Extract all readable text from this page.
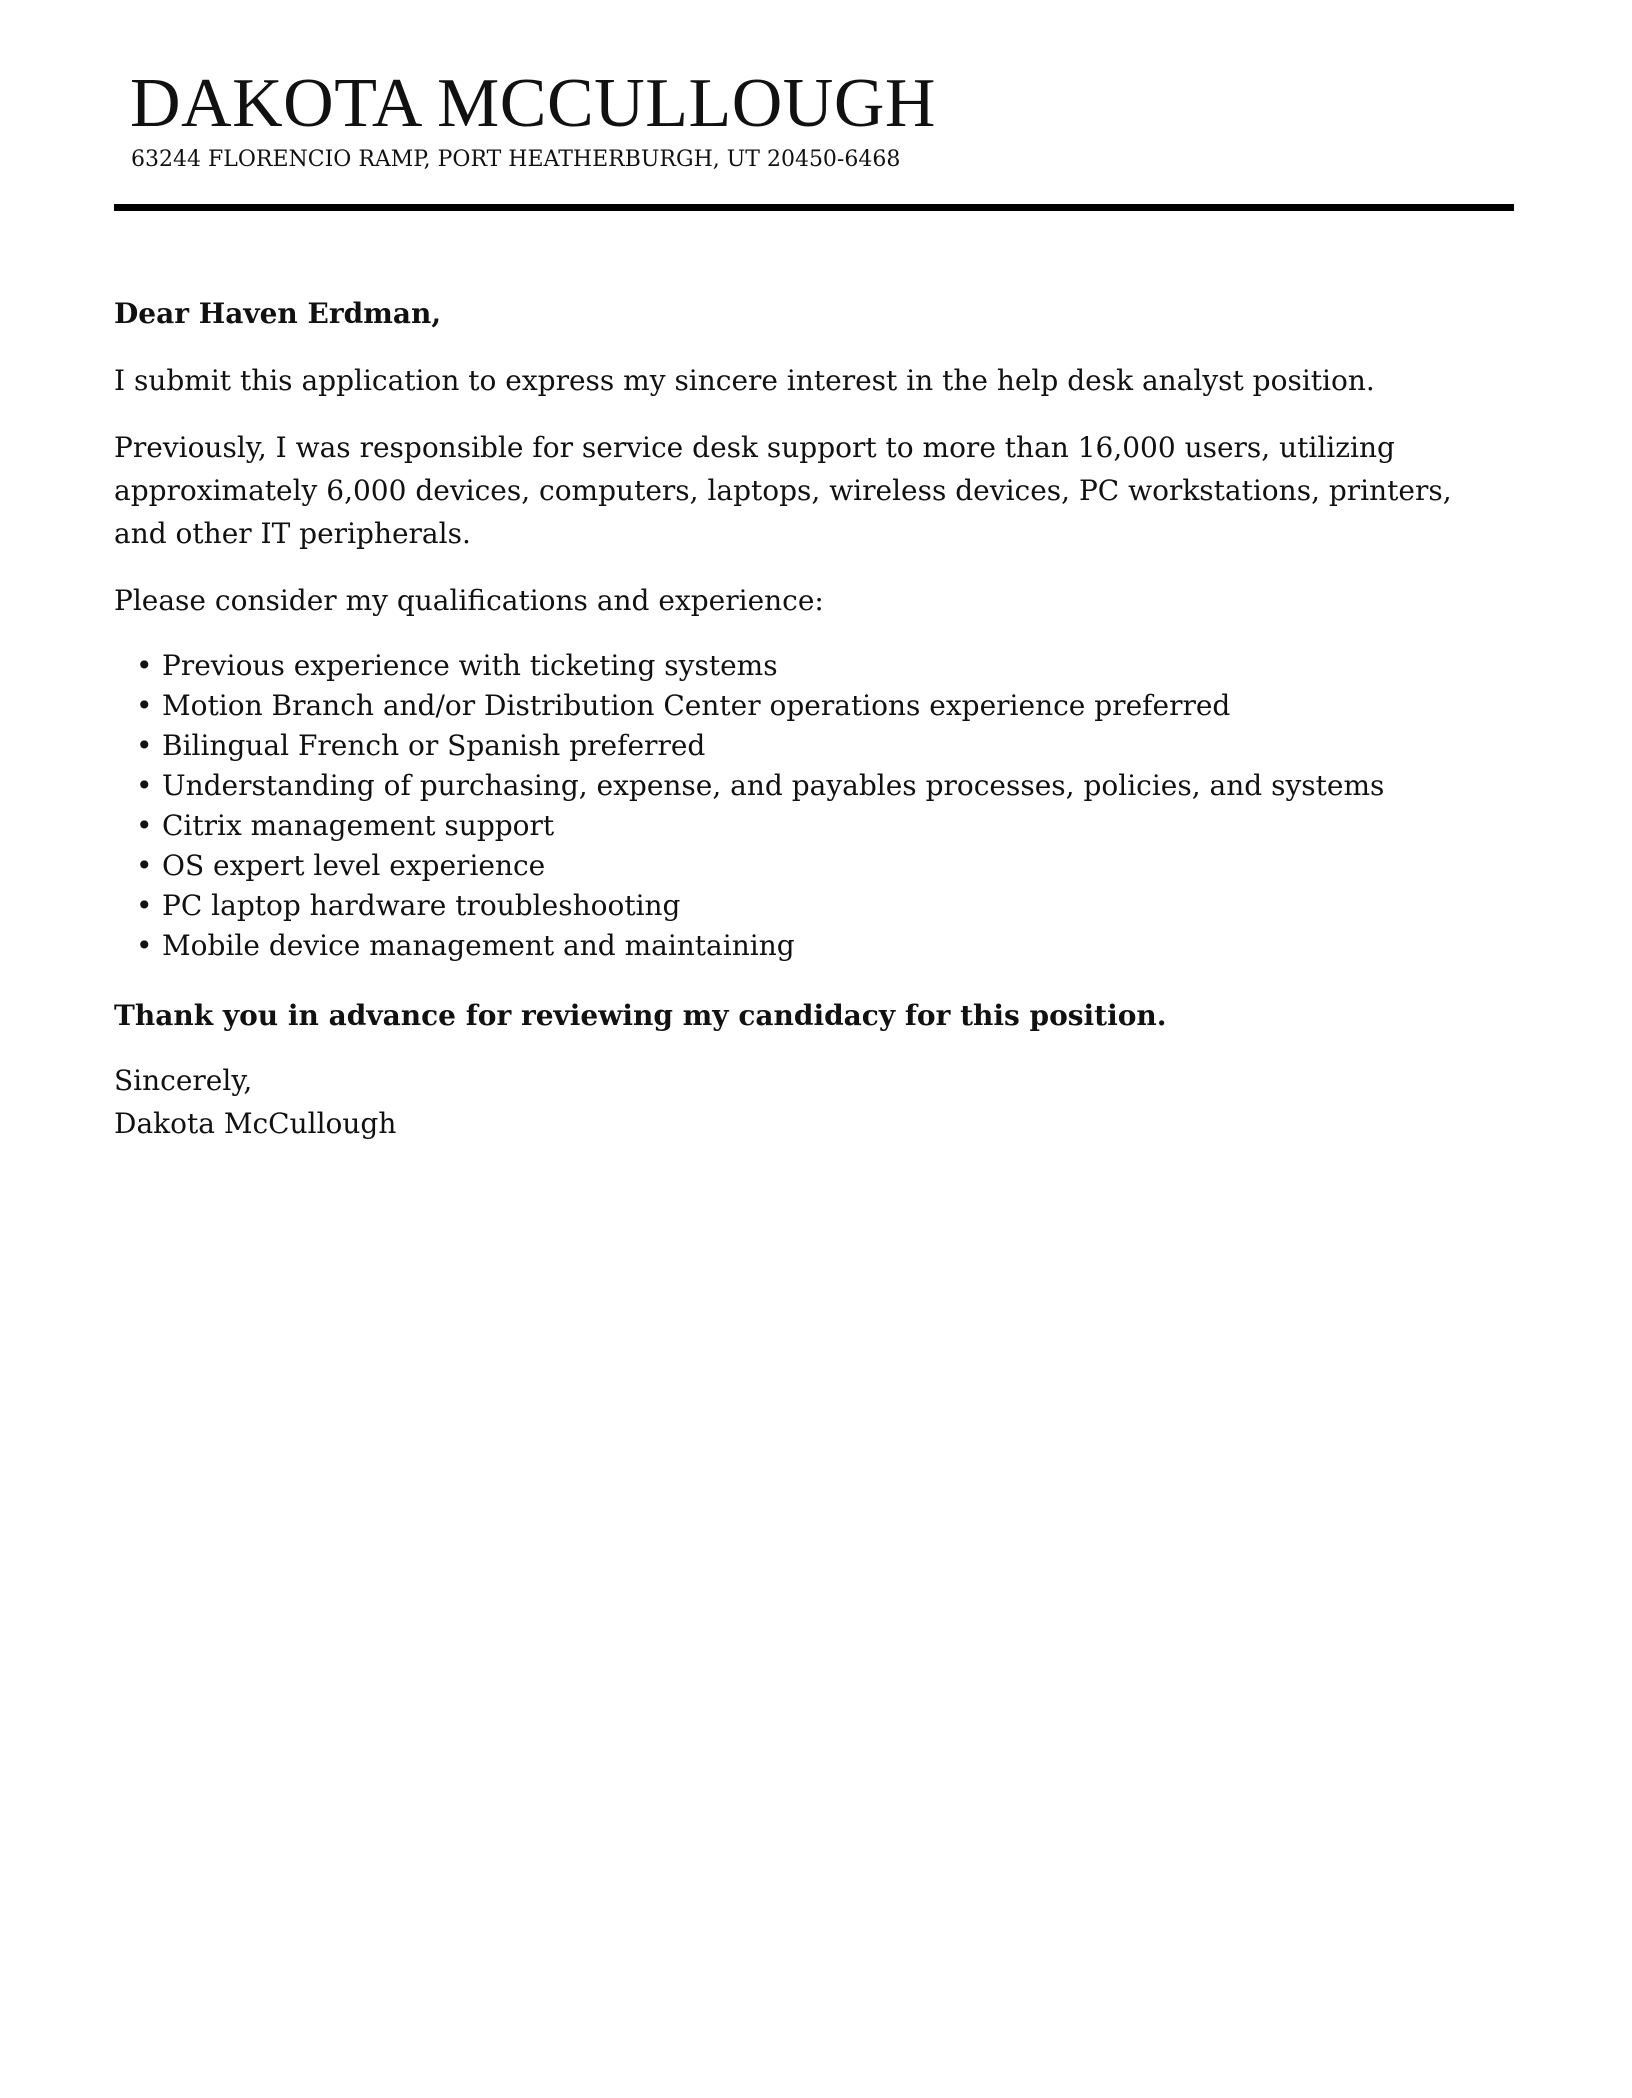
DAKOTA MCCULLOUGH
63244 FLORENCIO RAMP, PORT HEATHERBURGH, UT 20450-6468

Dear Haven Erdman,

I submit this application to express my sincere interest in the help desk analyst position.

Previously, I was responsible for service desk support to more than 16,000 users, utilizing approximately 6,000 devices, computers, laptops, wireless devices, PC workstations, printers, and other IT peripherals.

Please consider my qualifications and experience:

• Previous experience with ticketing systems
• Motion Branch and/or Distribution Center operations experience preferred
• Bilingual French or Spanish preferred
• Understanding of purchasing, expense, and payables processes, policies, and systems
• Citrix management support
• OS expert level experience
• PC laptop hardware troubleshooting
• Mobile device management and maintaining

Thank you in advance for reviewing my candidacy for this position.

Sincerely,

Dakota McCullough
